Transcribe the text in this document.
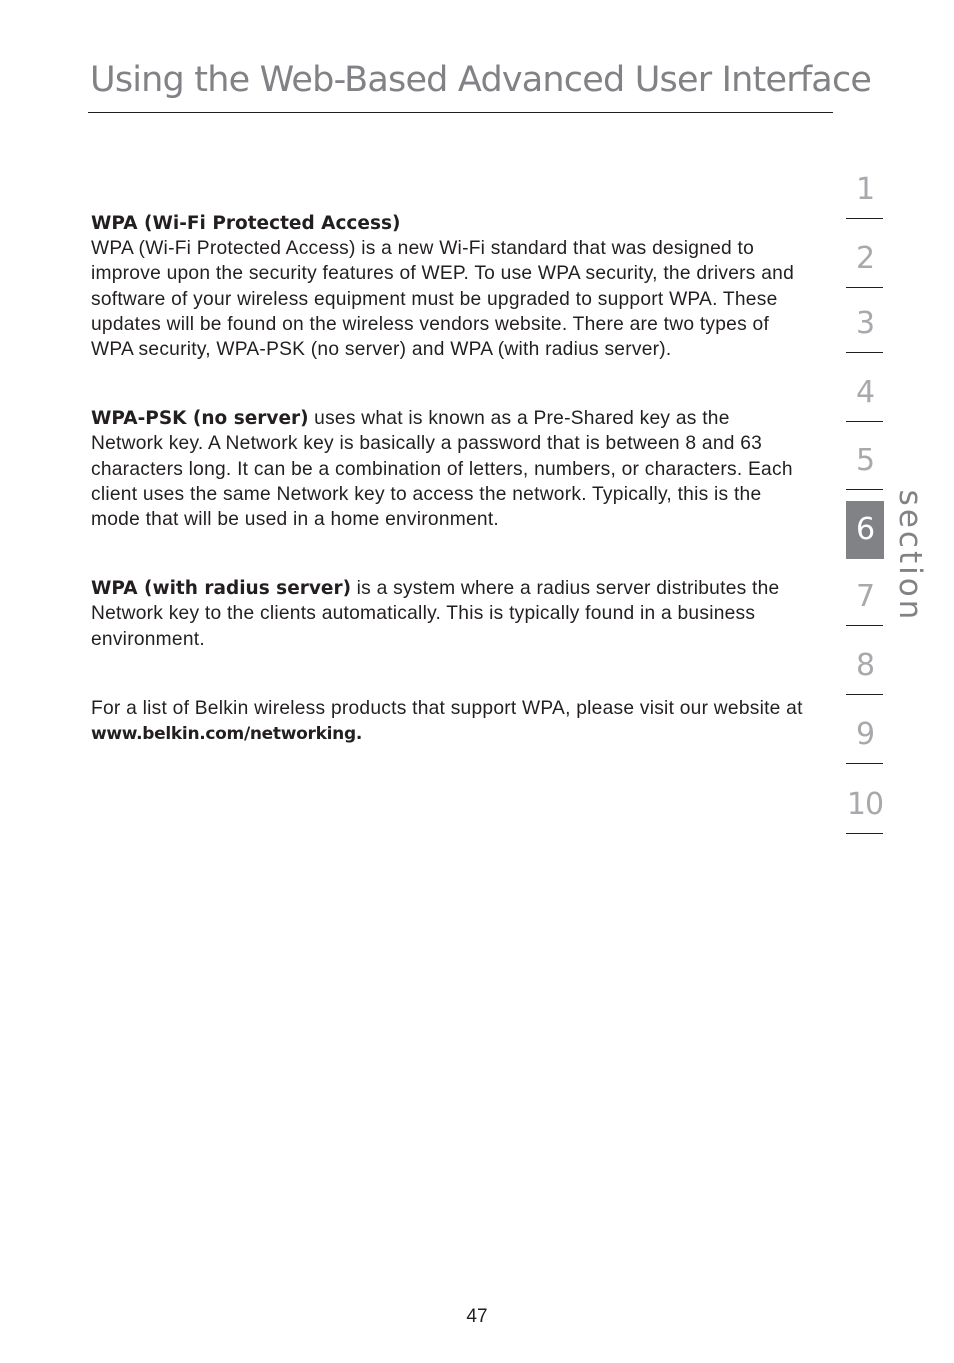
Using the Web-Based Advanced User Interface

WPA (Wi-Fi Protected Access)
WPA (Wi-Fi Protected Access) is a new Wi-Fi standard that was designed to improve upon the security features of WEP. To use WPA security, the drivers and software of your wireless equipment must be upgraded to support WPA. These updates will be found on the wireless vendors website. There are two types of WPA security, WPA-PSK (no server) and WPA (with radius server).

WPA-PSK (no server) uses what is known as a Pre-Shared key as the Network key. A Network key is basically a password that is between 8 and 63 characters long. It can be a combination of letters, numbers, or characters. Each client uses the same Network key to access the network. Typically, this is the mode that will be used in a home environment.

WPA (with radius server) is a system where a radius server distributes the Network key to the clients automatically. This is typically found in a business environment.

For a list of Belkin wireless products that support WPA, please visit our website at www.belkin.com/networking.

1
2
3
4
5
6
7
8
9
10
section
47
